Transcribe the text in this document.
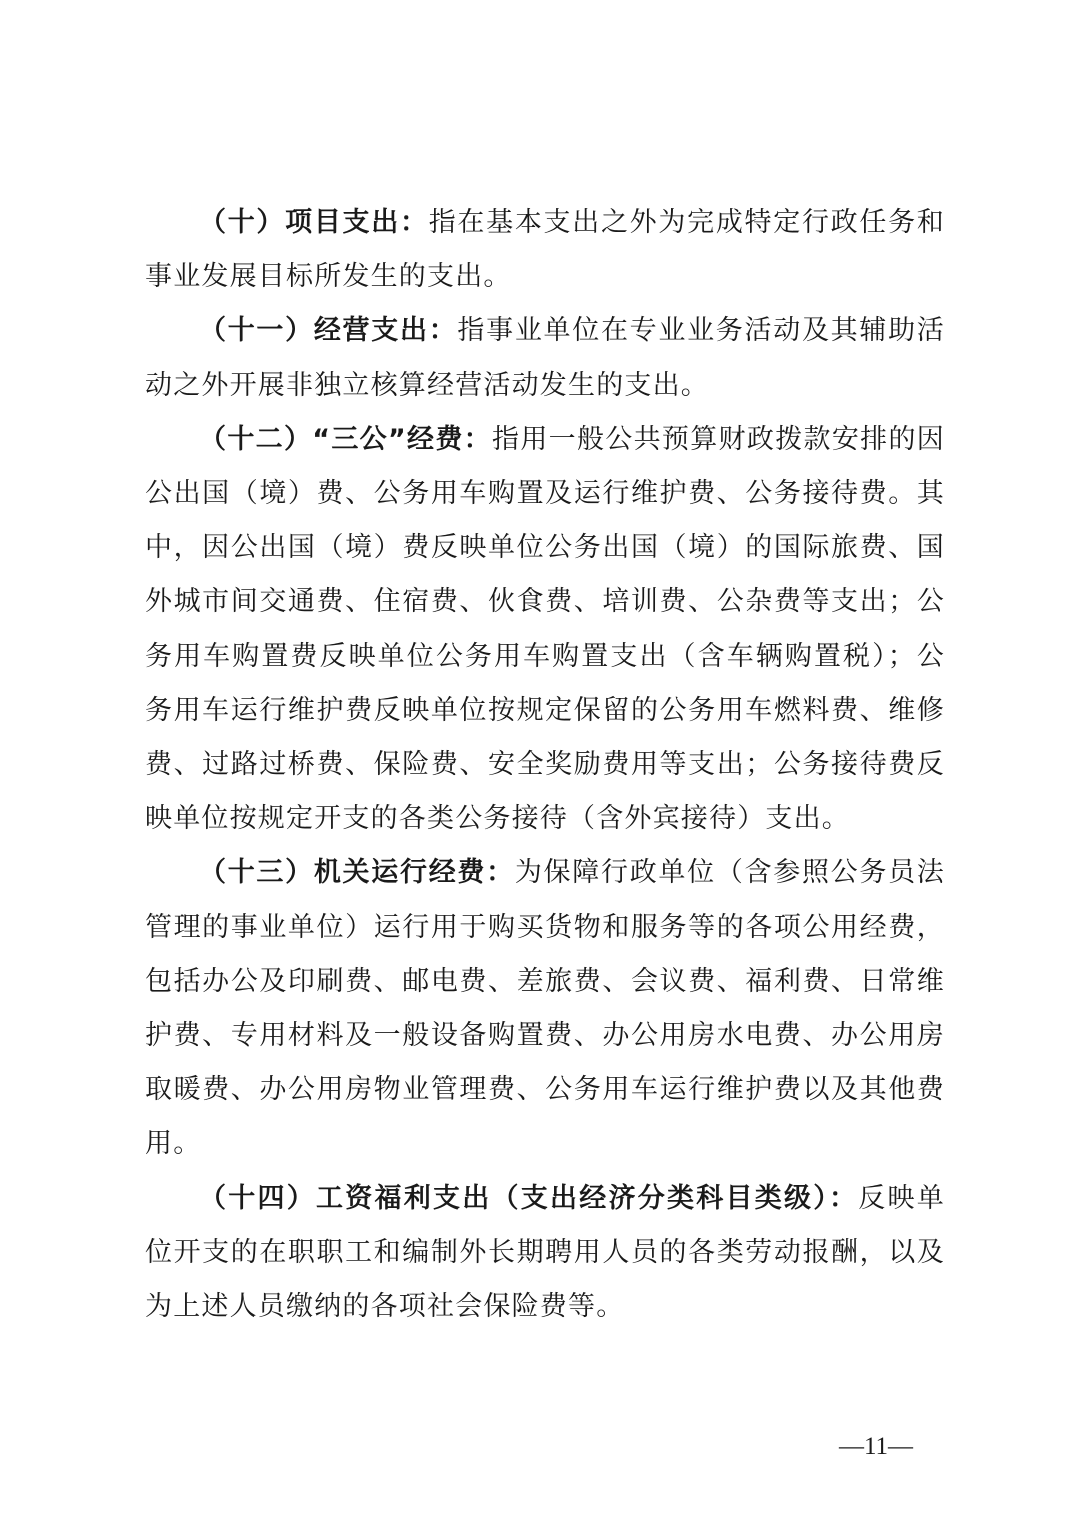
（十）项目支出：指在基本支出之外为完成特定行政任务和事业发展目标所发生的支出。

（十一）经营支出：指事业单位在专业业务活动及其辅助活动之外开展非独立核算经营活动发生的支出。

（十二）“三公”经费：指用一般公共预算财政拨款安排的因公出国（境）费、公务用车购置及运行维护费、公务接待费。其中，因公出国（境）费反映单位公务出国（境）的国际旅费、国外城市间交通费、住宿费、伙食费、培训费、公杂费等支出；公务用车购置费反映单位公务用车购置支出（含车辆购置税）；公务用车运行维护费反映单位按规定保留的公务用车燃料费、维修费、过路过桥费、保险费、安全奖励费用等支出；公务接待费反映单位按规定开支的各类公务接待（含外宾接待）支出。

（十三）机关运行经费：为保障行政单位（含参照公务员法管理的事业单位）运行用于购买货物和服务等的各项公用经费，包括办公及印刷费、邮电费、差旅费、会议费、福利费、日常维护费、专用材料及一般设备购置费、办公用房水电费、办公用房取暖费、办公用房物业管理费、公务用车运行维护费以及其他费用。

（十四）工资福利支出（支出经济分类科目类级）：反映单位开支的在职职工和编制外长期聘用人员的各类劳动报酬，以及为上述人员缴纳的各项社会保险费等。

—11—
